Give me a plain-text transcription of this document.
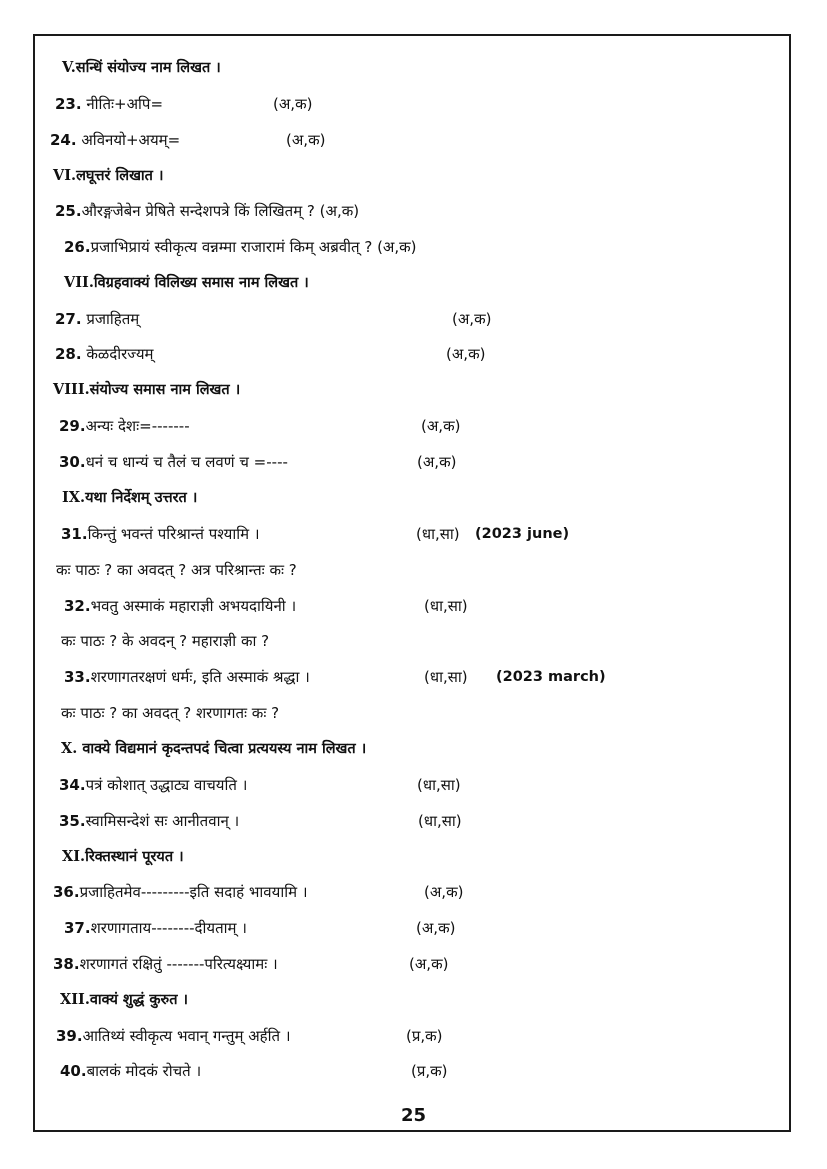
V.सन्धिं संयोज्य नाम लिखत ।
23. नीतिः+अपि=	(अ,क)
24. अविनयो+अयम्=	(अ,क)
VI.लघूत्तरं लिखात ।
25.औरङ्गजेबेन प्रेषिते सन्देशपत्रे किं लिखितम् ? (अ,क)
26.प्रजाभिप्रायं स्वीकृत्य वन्नम्मा राजारामं किम् अब्रवीत् ? (अ,क)
VII.विग्रहवाक्यं विलिख्य समास नाम लिखत ।
27. प्रजाहितम्	(अ,क)
28. केळदीरज्यम्	(अ,क)
VIII.संयोज्य समास नाम लिखत ।
29.अन्यः देशः=-------	(अ,क)
30.धनं च धान्यं च तैलं च लवणं च =----	(अ,क)
IX.यथा निर्देशम् उत्तरत ।
31.किन्तुं भवन्तं परिश्रान्तं पश्यामि ।	(धा,सा) (2023 june)
कः पाठः ? का अवदत् ? अत्र परिश्रान्तः कः ?
32.भवतु अस्माकं महाराज्ञी अभयदायिनी ।	(धा,सा)
कः पाठः ? के अवदन् ? महाराज्ञी का ?
33.शरणागतरक्षणं धर्मः, इति अस्माकं श्रद्धा ।	(धा,सा) (2023 march)
कः पाठः ? का अवदत् ? शरणागतः कः ?
X. वाक्ये विद्यमानं कृदन्तपदं चित्वा प्रत्ययस्य नाम लिखत ।
34.पत्रं कोशात् उद्धाट्य वाचयति ।	(धा,सा)
35.स्वामिसन्देशं सः आनीतवान् ।	(धा,सा)
XI.रिक्तस्थानं पूरयत ।
36.प्रजाहितमेव---------इति सदाहं भावयामि ।	(अ,क)
37.शरणागताय--------दीयताम् ।	(अ,क)
38.शरणागतं रक्षितुं -------परित्यक्ष्यामः ।	(अ,क)
XII.वाक्यं शुद्धं कुरुत ।
39.आतिथ्यं स्वीकृत्य भवान् गन्तुम् अर्हति ।	(प्र,क)
40.बालकं मोदकं रोचते ।	(प्र,क)
25
